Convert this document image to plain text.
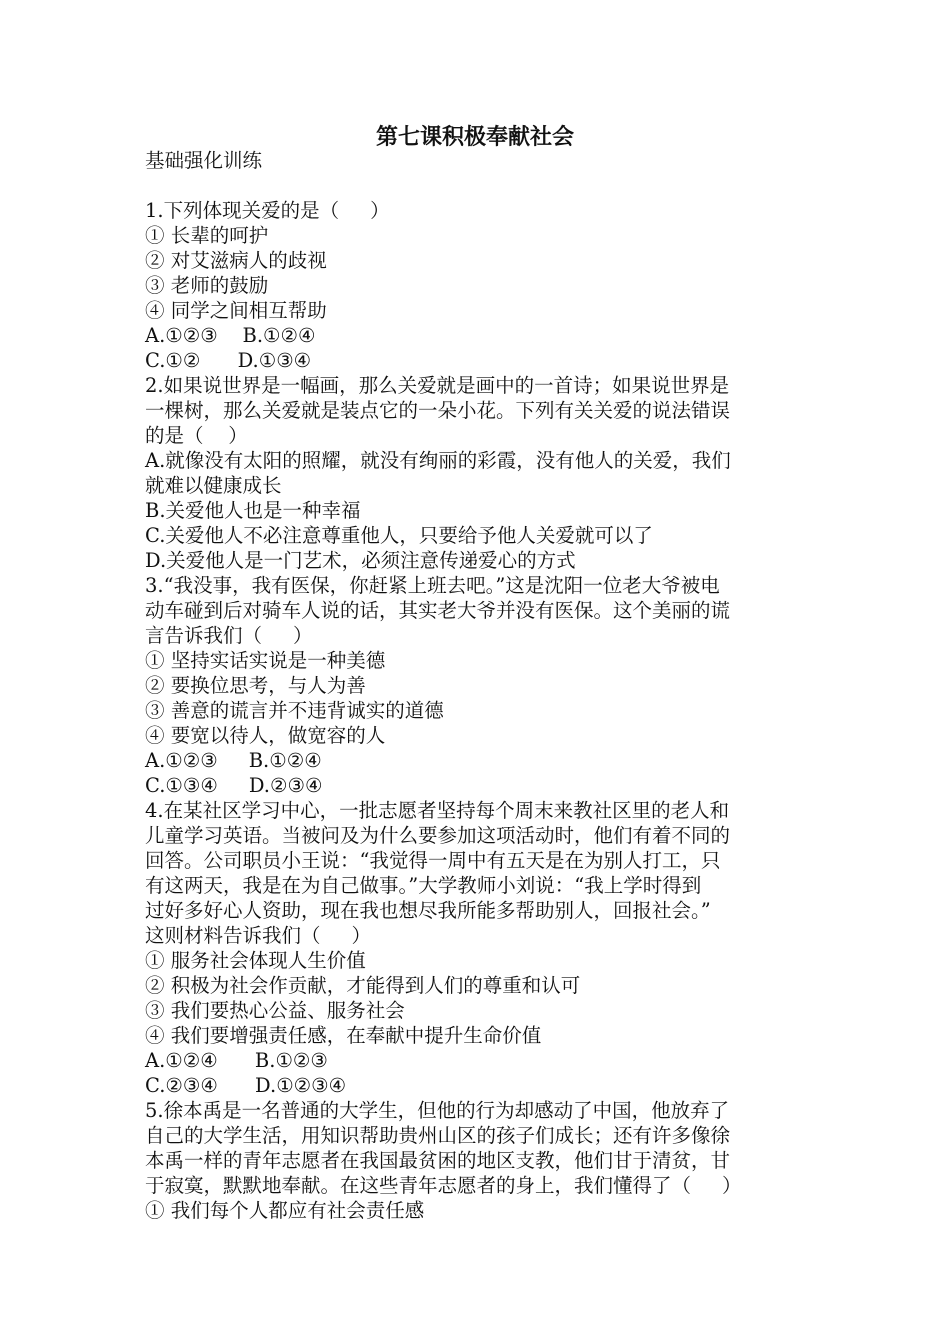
第七课积极奉献社会
基础强化训练
1.下列体现关爱的是（     ）
① 长辈的呵护
② 对艾滋病人的歧视
③ 老师的鼓励
④ 同学之间相互帮助
A.①②③    B.①②④
C.①②      D.①③④
2.如果说世界是一幅画，那么关爱就是画中的一首诗；如果说世界是
一棵树，那么关爱就是装点它的一朵小花。下列有关关爱的说法错误
的是（    ）
A.就像没有太阳的照耀，就没有绚丽的彩霞，没有他人的关爱，我们
就难以健康成长
B.关爱他人也是一种幸福
C.关爱他人不必注意尊重他人，只要给予他人关爱就可以了
D.关爱他人是一门艺术，必须注意传递爱心的方式
3.“我没事，我有医保，你赶紧上班去吧。”这是沈阳一位老大爷被电
动车碰到后对骑车人说的话，其实老大爷并没有医保。这个美丽的谎
言告诉我们（     ）
① 坚持实话实说是一种美德
② 要换位思考，与人为善
③ 善意的谎言并不违背诚实的道德
④ 要宽以待人，做宽容的人
A.①②③     B.①②④
C.①③④     D.②③④
4.在某社区学习中心，一批志愿者坚持每个周末来教社区里的老人和
儿童学习英语。当被问及为什么要参加这项活动时，他们有着不同的
回答。公司职员小王说：“我觉得一周中有五天是在为别人打工，只
有这两天，我是在为自己做事。”大学教师小刘说：“我上学时得到
过好多好心人资助，现在我也想尽我所能多帮助别人，回报社会。”
这则材料告诉我们（     ）
① 服务社会体现人生价值
② 积极为社会作贡献，才能得到人们的尊重和认可
③ 我们要热心公益、服务社会
④ 我们要增强责任感，在奉献中提升生命价值
A.①②④      B.①②③
C.②③④      D.①②③④
5.徐本禹是一名普通的大学生，但他的行为却感动了中国，他放弃了
自己的大学生活，用知识帮助贵州山区的孩子们成长；还有许多像徐
本禹一样的青年志愿者在我国最贫困的地区支教，他们甘于清贫，甘
于寂寞，默默地奉献。在这些青年志愿者的身上，我们懂得了（     ）
① 我们每个人都应有社会责任感
